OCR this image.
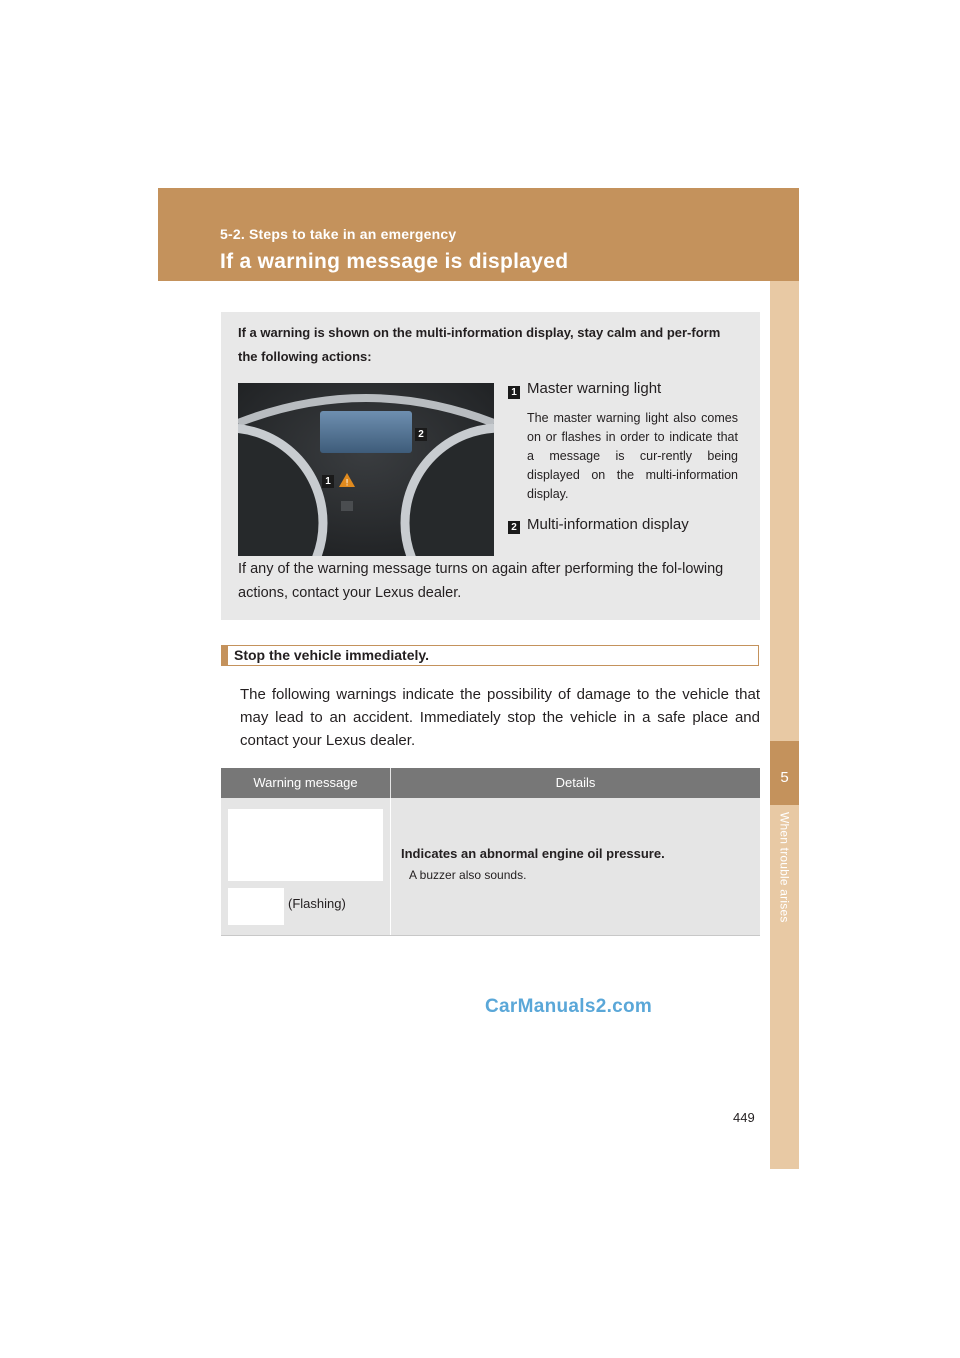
5-2. Steps to take in an emergency
If a warning message is displayed
5
When trouble arises
If a warning is shown on the multi-information display, stay calm and per-form the following actions:
!
2
1
1 Master warning light
The master warning light also comes on or flashes in order to indicate that a message is cur-rently being displayed on the multi-information display.
2 Multi-information display
If any of the warning message turns on again after performing the fol-lowing actions, contact your Lexus dealer.
Stop the vehicle immediately.
The following warnings indicate the possibility of damage to the vehicle that may lead to an accident. Immediately stop the vehicle in a safe place and contact your Lexus dealer.
Warning message	Details
(Flashing)
Indicates an abnormal engine oil pressure.
A buzzer also sounds.
CarManuals2.com
449
